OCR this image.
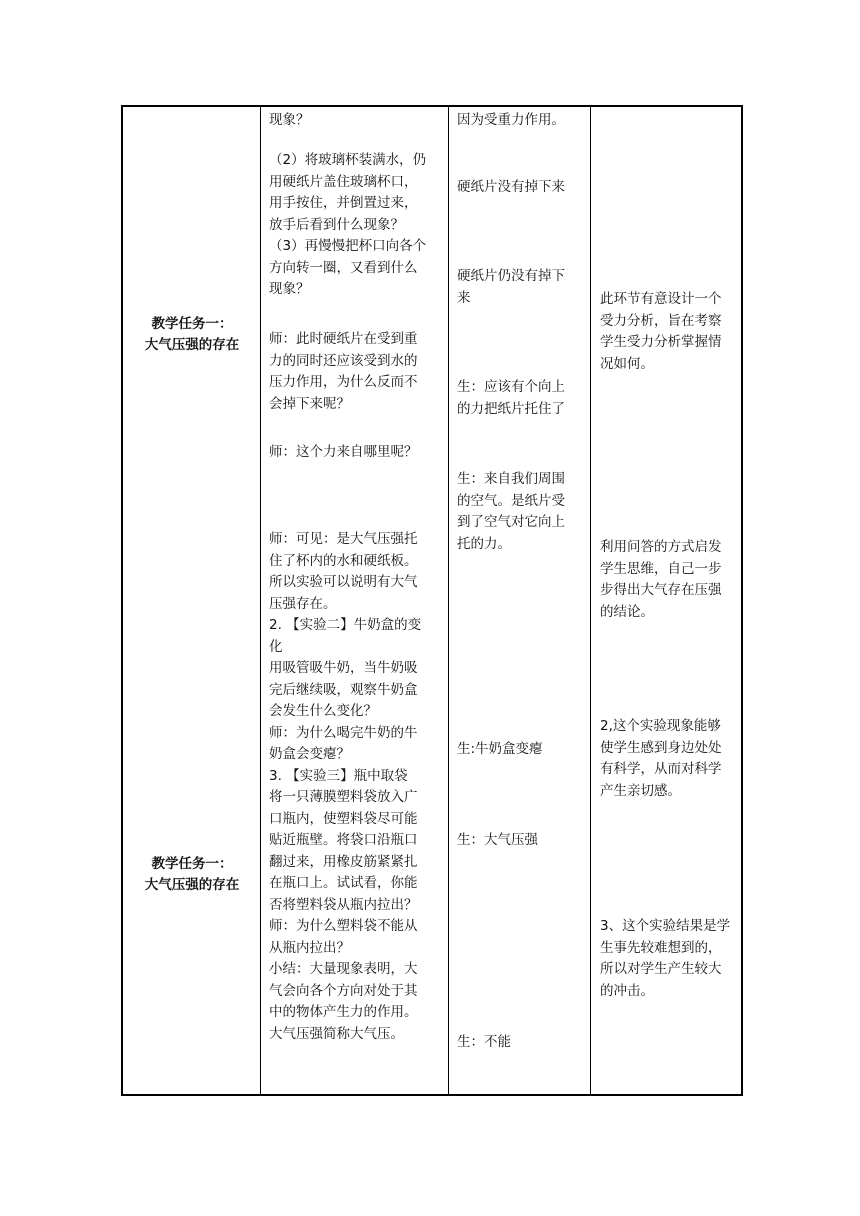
教学任务一：
大气压强的存在
教学任务一：
大气压强的存在
现象？
（2）将玻璃杯装满水，仍
用硬纸片盖住玻璃杯口，
用手按住，并倒置过来，
放手后看到什么现象？
（3）再慢慢把杯口向各个
方向转一圈，又看到什么
现象？
师：此时硬纸片在受到重
力的同时还应该受到水的
压力作用，为什么反而不
会掉下来呢？
师：这个力来自哪里呢？
师：可见：是大气压强托
住了杯内的水和硬纸板。
所以实验可以说明有大气
压强存在。
2. 【实验二】牛奶盒的变
化
用吸管吸牛奶，当牛奶吸
完后继续吸，观察牛奶盒
会发生什么变化？
师：为什么喝完牛奶的牛
奶盒会变瘪？
3. 【实验三】瓶中取袋
将一只薄膜塑料袋放入广
口瓶内，使塑料袋尽可能
贴近瓶壁。将袋口沿瓶口
翻过来，用橡皮筋紧紧扎
在瓶口上。试试看，你能
否将塑料袋从瓶内拉出？
师：为什么塑料袋不能从
从瓶内拉出？
小结：大量现象表明，大
气会向各个方向对处于其
中的物体产生力的作用。
大气压强简称大气压。
因为受重力作用。
硬纸片没有掉下来
硬纸片仍没有掉下
来
生：应该有个向上
的力把纸片托住了
生：来自我们周围
的空气。是纸片受
到了空气对它向上
托的力。
生:牛奶盒变瘪
生：大气压强
生：不能
此环节有意设计一个
受力分析，旨在考察
学生受力分析掌握情
况如何。
利用问答的方式启发
学生思维，自己一步
步得出大气存在压强
的结论。
2,这个实验现象能够
使学生感到身边处处
有科学，从而对科学
产生亲切感。
3、这个实验结果是学
生事先较难想到的，
所以对学生产生较大
的冲击。
